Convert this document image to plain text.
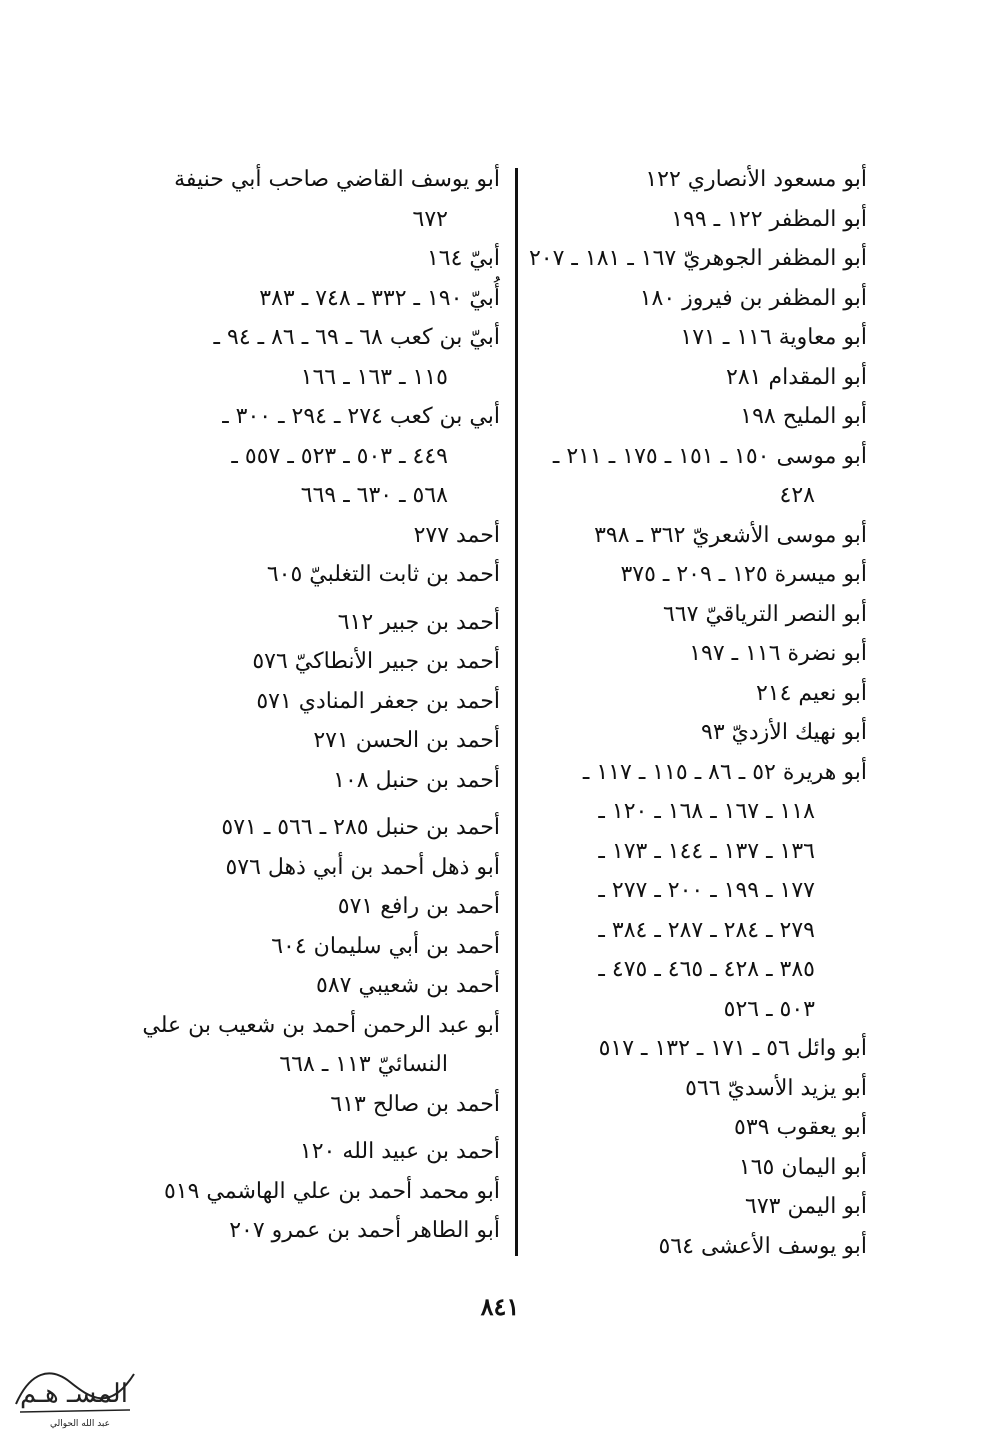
أبو مسعود الأنصاري ١٢٢
أبو المظفر ١٢٢ ـ ١٩٩
أبو المظفر الجوهريّ ١٦٧ ـ ١٨١ ـ ٢٠٧
أبو المظفر بن فيروز ١٨٠
أبو معاوية ١١٦ ـ ١٧١
أبو المقدام ٢٨١
أبو المليح ١٩٨
أبو موسى ١٥٠ ـ ١٥١ ـ ١٧٥ ـ ٢١١ ـ
٤٢٨
أبو موسى الأشعريّ ٣٦٢ ـ ٣٩٨
أبو ميسرة ١٢٥ ـ ٢٠٩ ـ ٣٧٥
أبو النصر الترياقيّ ٦٦٧
أبو نضرة ١١٦ ـ ١٩٧
أبو نعيم ٢١٤
أبو نهيك الأزديّ ٩٣
أبو هريرة ٥٢ ـ ٨٦ ـ ١١٥ ـ ١١٧ ـ
١١٨ ـ ١٦٧ ـ ١٦٨ ـ ١٢٠ ـ
١٣٦ ـ ١٣٧ ـ ١٤٤ ـ ١٧٣ ـ
١٧٧ ـ ١٩٩ ـ ٢٠٠ ـ ٢٧٧ ـ
٢٧٩ ـ ٢٨٤ ـ ٢٨٧ ـ ٣٨٤ ـ
٣٨٥ ـ ٤٢٨ ـ ٤٦٥ ـ ٤٧٥ ـ
٥٠٣ ـ ٥٢٦
أبو وائل ٥٦ ـ ١٧١ ـ ١٣٢ ـ ٥١٧
أبو يزيد الأسديّ ٥٦٦
أبو يعقوب ٥٣٩
أبو اليمان ١٦٥
أبو اليمن ٦٧٣
أبو يوسف الأعشى ٥٦٤
أبو يوسف القاضي صاحب أبي حنيفة
٦٧٢
أبيّ ١٦٤
أُبيّ ١٩٠ ـ ٣٣٢ ـ ٧٤٨ ـ ٣٨٣
أبيّ بن كعب ٦٨ ـ ٦٩ ـ ٨٦ ـ ٩٤ ـ
١١٥ ـ ١٦٣ ـ ١٦٦
أبي بن كعب ٢٧٤ ـ ٢٩٤ ـ ٣٠٠ ـ
٤٤٩ ـ ٥٠٣ ـ ٥٢٣ ـ ٥٥٧ ـ
٥٦٨ ـ ٦٣٠ ـ ٦٦٩
أحمد ٢٧٧
أحمد بن ثابت التغلبيّ ٦٠٥
أحمد بن جبير ٦١٢
أحمد بن جبير الأنطاكيّ ٥٧٦
أحمد بن جعفر المنادي ٥٧١
أحمد بن الحسن ٢٧١
أحمد بن حنبل ١٠٨
أحمد بن حنبل ٢٨٥ ـ ٥٦٦ ـ ٥٧١
أبو ذهل أحمد بن أبي ذهل ٥٧٦
أحمد بن رافع ٥٧١
أحمد بن أبي سليمان ٦٠٤
أحمد بن شعيبي ٥٨٧
أبو عبد الرحمن أحمد بن شعيب بن علي
النسائيّ ١١٣ ـ ٦٦٨
أحمد بن صالح ٦١٣
أحمد بن عبيد الله ١٢٠
أبو محمد أحمد بن علي الهاشمي ٥١٩
أبو الطاهر أحمد بن عمرو ٢٠٧
٨٤١
المسـ هـم
عبد الله الحوالي
